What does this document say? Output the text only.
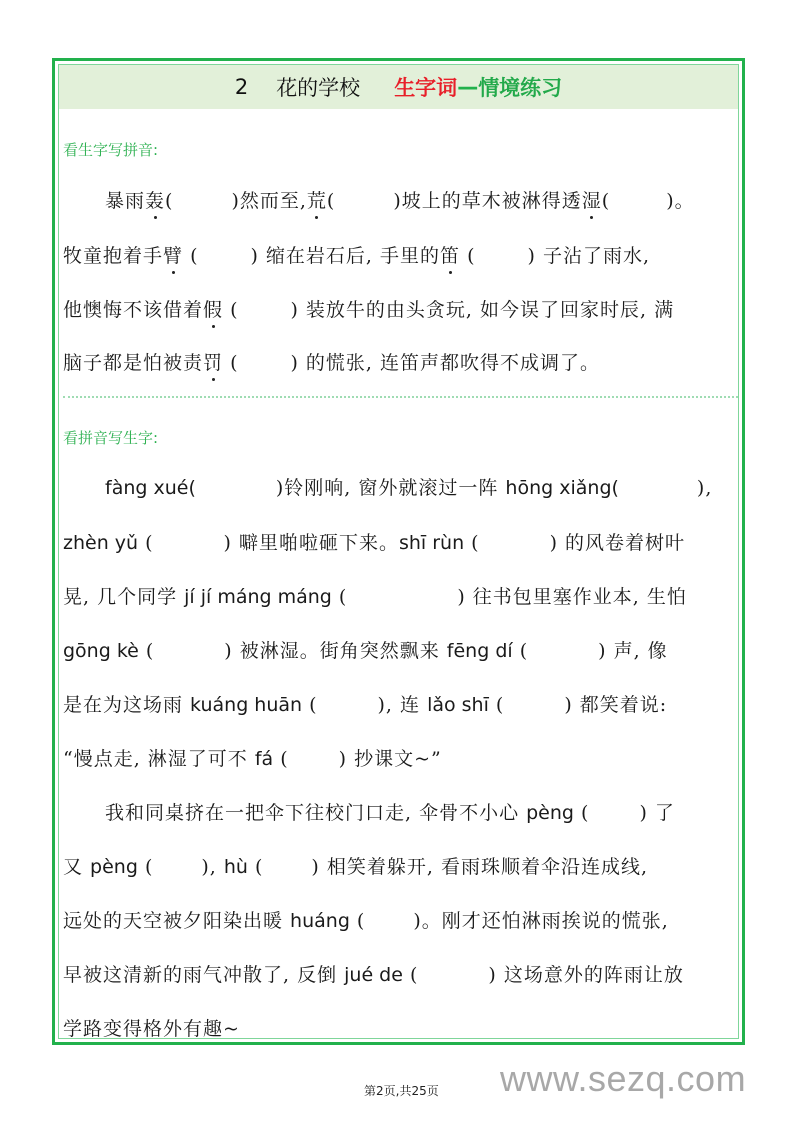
2 花的学校 生字词 — 情境练习
看生字写拼音:
暴雨轰(	)然而至,荒(	)坡上的草木被淋得透湿(	)。
牧童抱着手臂 (	) 缩在岩石后, 手里的笛 (	) 子沾了雨水,
他懊悔不该借着假 (	) 装放牛的由头贪玩, 如今误了回家时辰, 满
脑子都是怕被责罚 (	) 的慌张, 连笛声都吹得不成调了。
看拼音写生字:
fàng xué(	)铃刚响, 窗外就滚过一阵 hōng xiǎng(	),
zhèn yǔ (	) 噼里啪啦砸下来。shī rùn (	) 的风卷着树叶
晃, 几个同学 jí jí máng máng (	) 往书包里塞作业本, 生怕
gōng kè (	) 被淋湿。街角突然飘来 fēng dí (	) 声, 像
是在为这场雨 kuáng huān (	), 连 lǎo shī (	) 都笑着说:
“慢点走, 淋湿了可不 fá (	) 抄课文~”
我和同桌挤在一把伞下往校门口走, 伞骨不小心 pèng (	) 了
又 pèng (	), hù (	) 相笑着躲开, 看雨珠顺着伞沿连成线,
远处的天空被夕阳染出暖 huáng (	)。刚才还怕淋雨挨说的慌张,
早被这清新的雨气冲散了, 反倒 jué de (	) 这场意外的阵雨让放
学路变得格外有趣~
第2页,共25页 www.sezq.com
